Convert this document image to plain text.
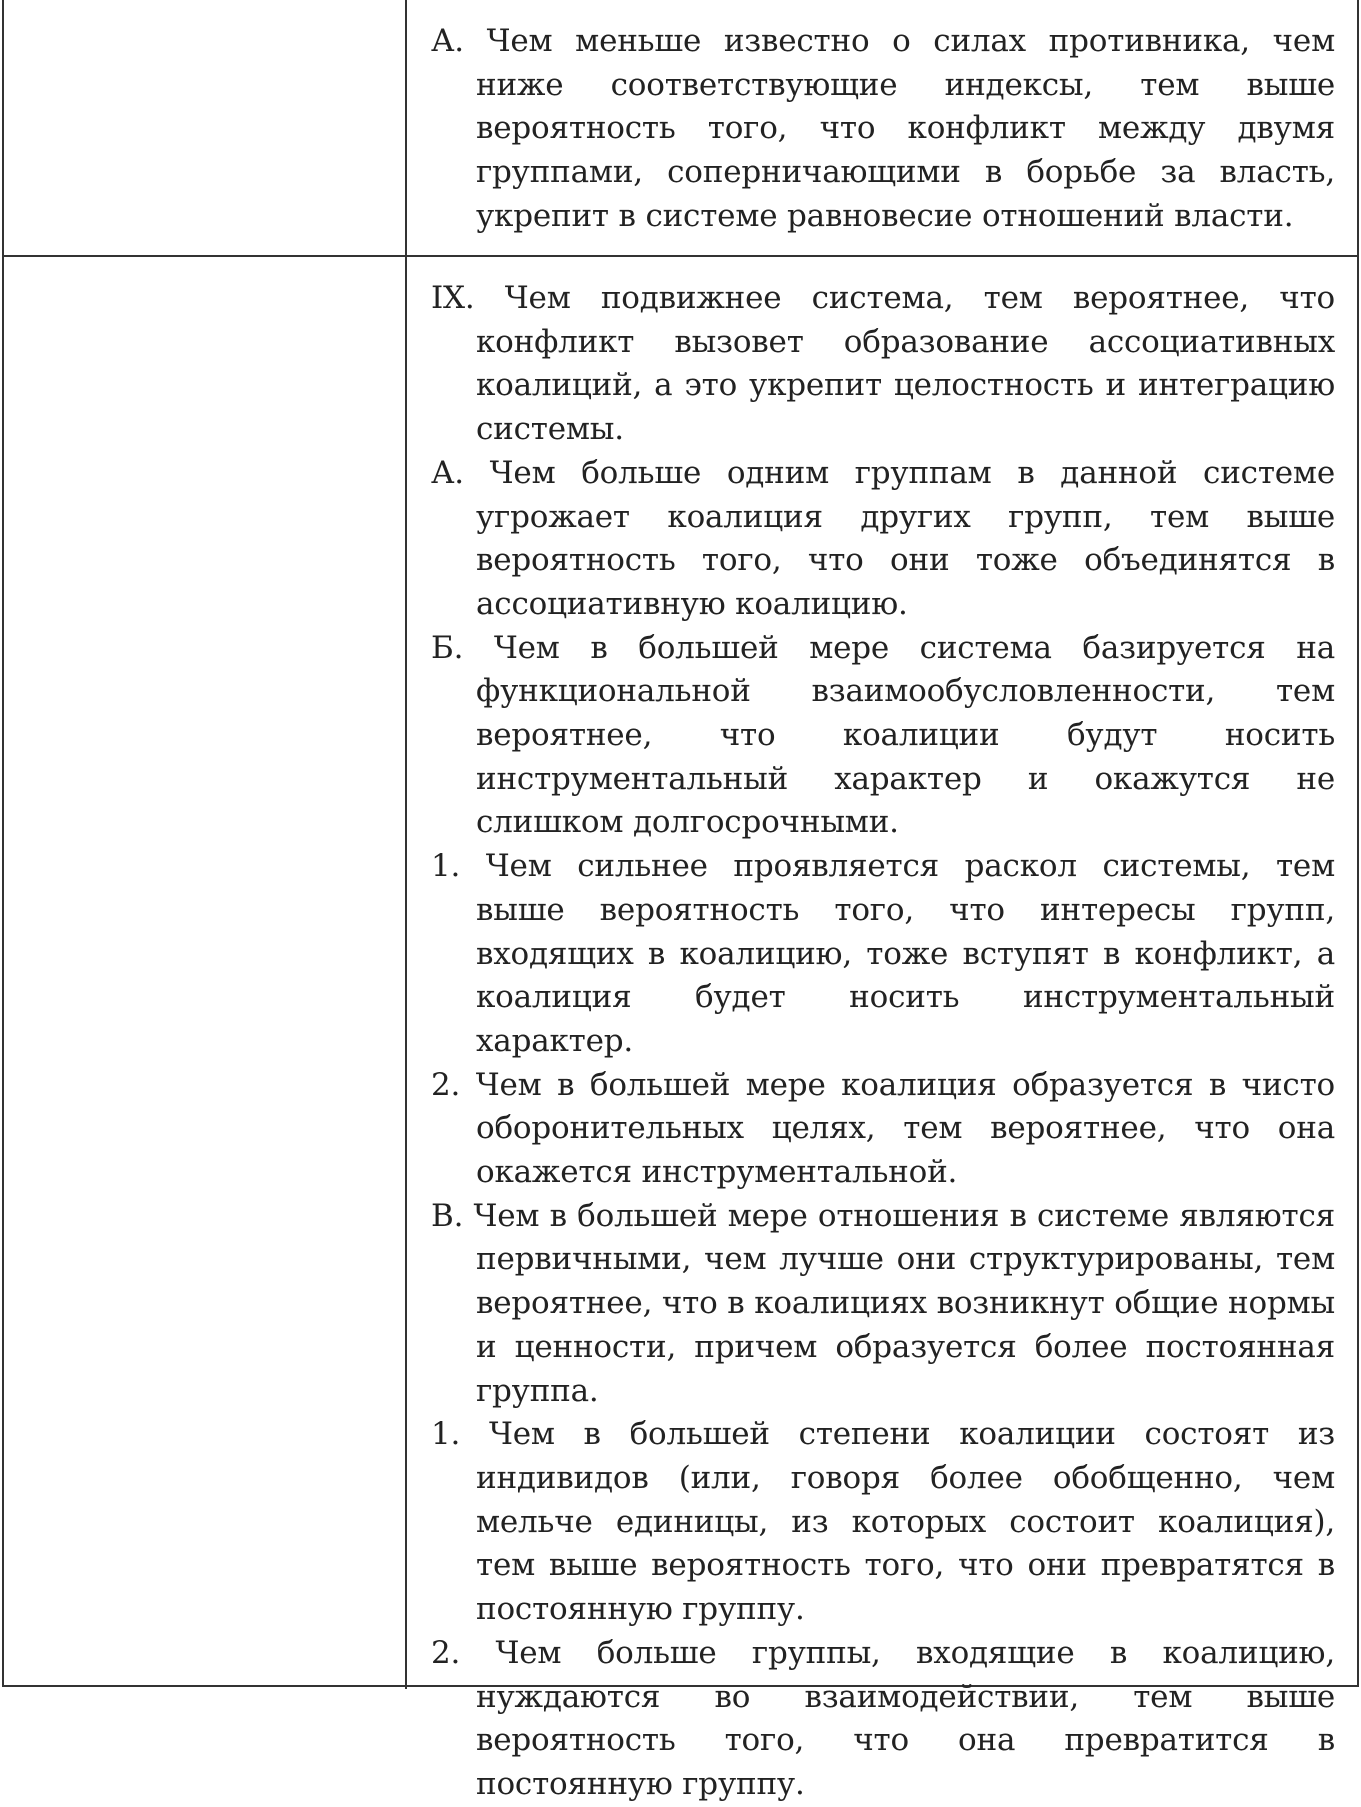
А. Чем меньше известно о силах противника, чем ниже соответствующие индексы, тем выше вероятность того, что конфликт между двумя группами, соперничающими в борьбе за власть, укрепит в системе равновесие отношений власти.

IX. Чем подвижнее система, тем вероятнее, что конфликт вызовет образование ассоциативных коалиций, а это укрепит целостность и интеграцию системы.

А. Чем больше одним группам в данной системе угрожает коалиция других групп, тем выше вероятность того, что они тоже объединятся в ассоциативную коалицию.

Б. Чем в большей мере система базируется на функциональной взаимообусловленности, тем вероятнее, что коалиции будут носить инструментальный характер и окажутся не слишком долгосрочными.

1. Чем сильнее проявляется раскол системы, тем выше вероятность того, что интересы групп, входящих в коалицию, тоже вступят в конфликт, а коалиция будет носить инструментальный характер.

2. Чем в большей мере коалиция образуется в чисто оборонительных целях, тем вероятнее, что она окажется инструментальной.

В. Чем в большей мере отношения в системе являются первичными, чем лучше они структурированы, тем вероятнее, что в коалициях возникнут общие нормы и ценности, причем образуется более постоянная группа.

1. Чем в большей степени коалиции состоят из индивидов (или, говоря более обобщенно, чем мельче единицы, из которых состоит коалиция), тем выше вероятность того, что они превратятся в постоянную группу.

2. Чем больше группы, входящие в коалицию, нуждаются во взаимодействии, тем выше вероятность того, что она превратится в постоянную группу.
